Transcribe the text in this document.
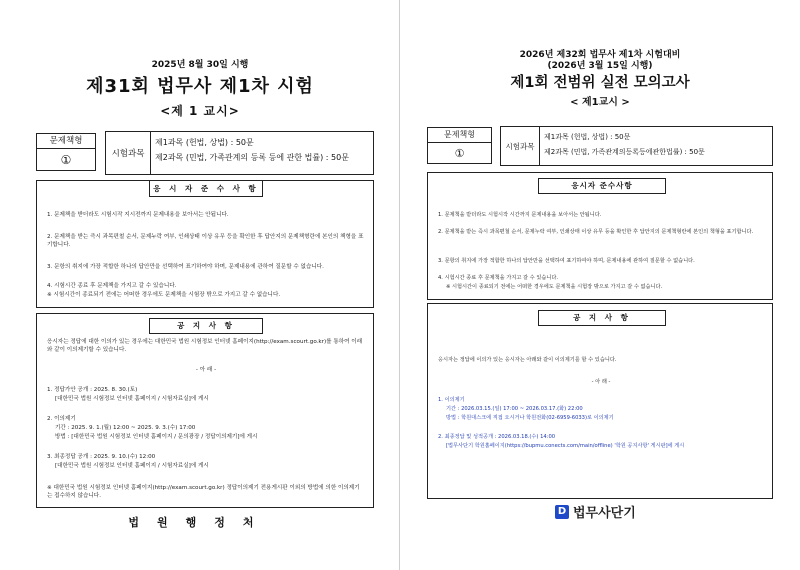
2025년 8월 30일 시행
제31회 법무사 제1차 시험
<제 1 교시>
문제책형
①	시험과목
제1과목 (헌법, 상법) : 50문
제2과목 (민법, 가족관계의 등록 등에 관한 법률) : 50문
응 시 자 준 수 사 항
1. 문제책을 받더라도 시험시작 지시전까지 문제내용을 보아서는 안됩니다.
2. 문제책을 받는 즉시 과목편철 순서, 문제누락 여부, 인쇄상태 이상 유무 등을 확인한 후 답안지의 문제책형란에 본인의 책형을 표기합니다.
3. 문항의 취지에 가장 적합한 하나의 답안만을 선택하여 표기하여야 하며, 문제내용에 관하여 질문할 수 없습니다.
4. 시험시간 종료 후 문제책을 가지고 갈 수 있습니다.
※ 시험시간이 종료되기 전에는 어떠한 경우에도 문제책을 시험장 밖으로 가지고 갈 수 없습니다.
공 지 사 항
응시자는 정답에 대한 이의가 있는 경우에는 대한민국 법원 시험정보 인터넷 홈페이지(http://exam.scourt.go.kr)를 통하여 이래와 같이 이의제기할 수 있습니다.
- 아 래 -
1. 정답가안 공개 : 2025. 8. 30.(토)
[대한민국 법원 시험정보 인터넷 홈페이지 / 시험자료실]에 게시
2. 이의제기
기간 : 2025. 9. 1.(월) 12:00 ~ 2025. 9. 3.(수) 17:00
방법 : [대한민국 법원 시험정보 인터넷 홈페이지 / 문의광장 / 정답이의제기]에 게시
3. 최종정답 공개 : 2025. 9. 10.(수) 12:00
[대한민국 법원 시험정보 인터넷 홈페이지 / 시험자료실]에 게시
※ 대한민국 법원 시험정보 인터넷 홈페이지(http://exam.scourt.go.kr) 정답이의제기 전용게시판 이외의 방법에 의한 이의제기는 접수하지 않습니다.
법원행정처
2026년 제32회 법무사 제1차 시험대비
(2026년 3월 15일 시행)
제1회 전범위 실전 모의고사
< 제1교시 >
문제책형
①
시험과목
제1과목 (헌법, 상법) : 50문
제2과목 (민법, 가족관계의등록등에관한법률) : 50문
응시자 준수사항
1. 문제책을 받더라도 시험시작 시간까지 문제내용을 보아서는 안됩니다.
2. 문제책을 받는 즉시 과목편철 순서, 문제누락 여부, 인쇄상태 이상 유무 등을 확인한 후 답안지의 문제책형란에 본인의 책형을 표기합니다.
3. 문항의 취지에 가장 적합한 하나의 답안만을 선택하여 표기하여야 하며, 문제내용에 관하여 질문할 수 없습니다.
4. 시험시간 종료 후 문제책을 가지고 갈 수 있습니다.
※ 시험시간이 종료되기 전에는 어떠한 경우에도 문제책을 시험장 밖으로 가지고 갈 수 없습니다.
공 지 사 항
응시자는 정답에 이의가 있는 응시자는 아래와 같이 이의제기를 할 수 있습니다.
- 아 래 -
1. 이의제기
기간 : 2026.03.15.(일) 17:00 ~ 2026.03.17.(화) 22:00
방법 : 학원대스크에 직접 오시거나 학원전화(02-6959-6033)로 이의제기
2. 최종정답 및 성적공개 : 2026.03.18.(수) 14:00
[법무사단기 학원홈페이지(https://bupmu.conects.com/main/offline) '학원 공지사항' 게시판]에 게시
D 법무사단기
